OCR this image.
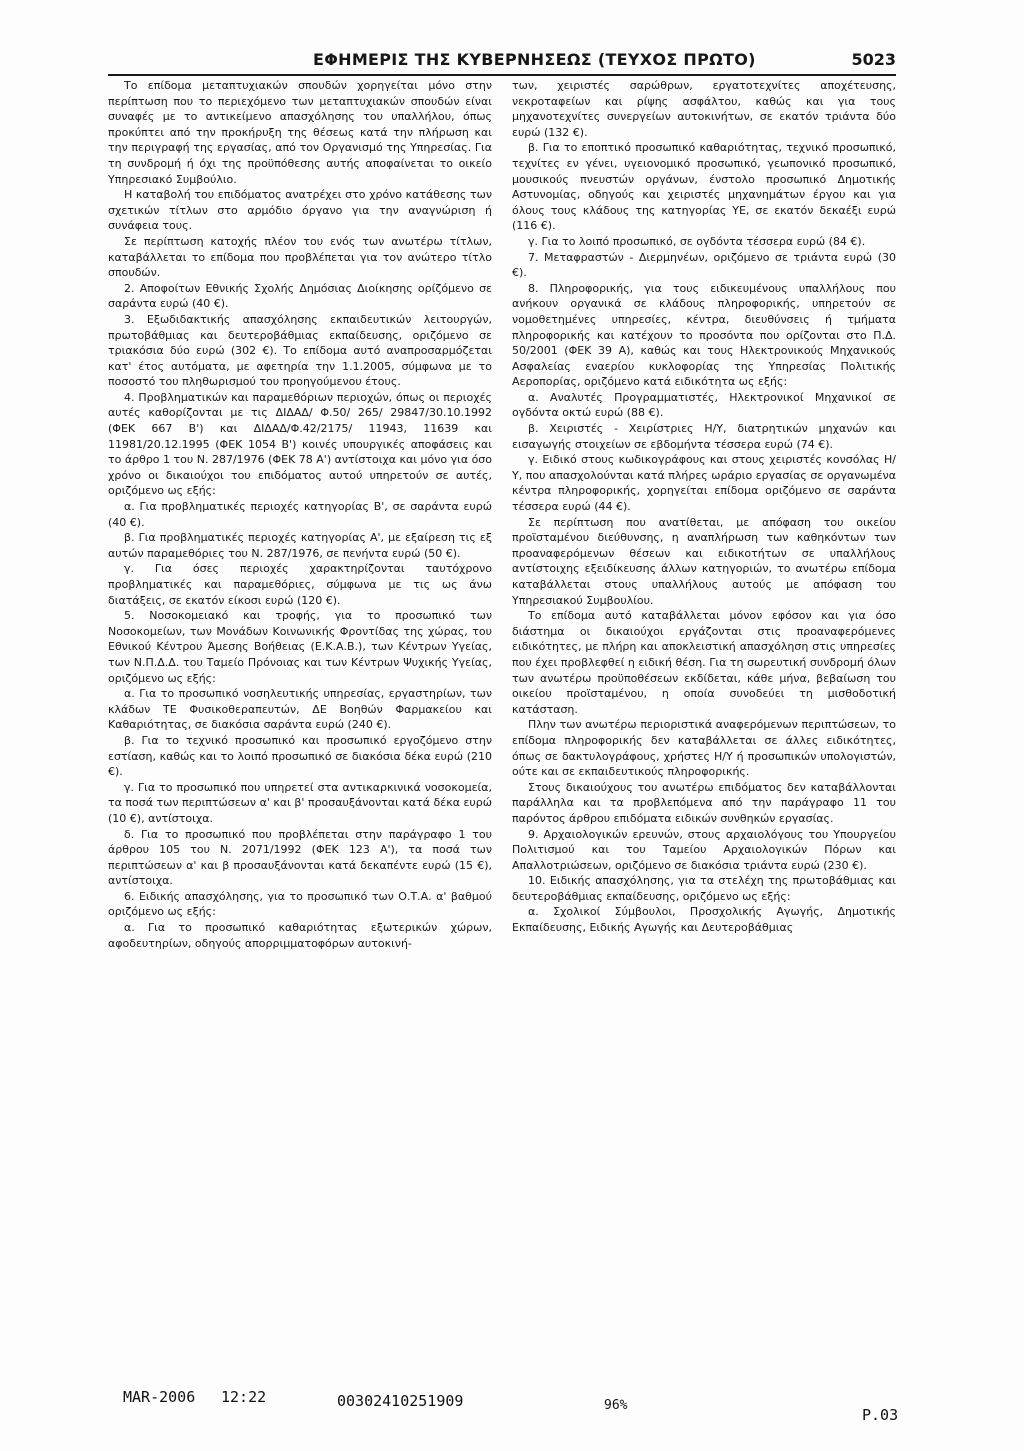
ΕΦΗΜΕΡΙΣ ΤΗΣ ΚΥΒΕΡΝΗΣΕΩΣ (ΤΕΥΧΟΣ ΠΡΩΤΟ)	5023

Το επίδομα μεταπτυχιακών σπουδών χορηγείται μόνο στην περίπτωση που το περιεχόμενο των μεταπτυχιακών σπουδών είναι συναφές με το αντικείμενο απασχόλησης του υπαλλήλου, όπως προκύπτει από την προκήρυξη της θέσεως κατά την πλήρωση και την περιγραφή της εργασίας, από τον Οργανισμό της Υπηρεσίας. Για τη συνδρομή ή όχι της προϋπόθεσης αυτής αποφαίνεται το οικείο Υπηρεσιακό Συμβούλιο.

Η καταβολή του επιδόματος ανατρέχει στο χρόνο κατάθεσης των σχετικών τίτλων στο αρμόδιο όργανο για την αναγνώριση ή συνάφεια τους.

Σε περίπτωση κατοχής πλέον του ενός των ανωτέρω τίτλων, καταβάλλεται το επίδομα που προβλέπεται για τον ανώτερο τίτλο σπουδών.

2. Αποφοίτων Εθνικής Σχολής Δημόσιας Διοίκησης ορίζόμενο σε σαράντα ευρώ (40 €).

3. Εξωδιδακτικής απασχόλησης εκπαιδευτικών λειτουργών, πρωτοβάθμιας και δευτεροβάθμιας εκπαίδευσης, οριζόμενο σε τριακόσια δύο ευρώ (302 €). Το επίδομα αυτό αναπροσαρμόζεται κατ' έτος αυτόματα, με αφετηρία την 1.1.2005, σύμφωνα με το ποσοστό του πληθωρισμού του προηγούμενου έτους.

4. Προβληματικών και παραμεθόριων περιοχών, όπως οι περιοχές αυτές καθορίζονται με τις ΔΙΔΑΔ/ Φ.50/ 265/ 29847/30.10.1992 (ΦΕΚ 667 Β') και ΔΙΔΑΔ/Φ.42/2175/ 11943, 11639 και 11981/20.12.1995 (ΦΕΚ 1054 Β') κοινές υπουργικές αποφάσεις και το άρθρο 1 του Ν. 287/1976 (ΦΕΚ 78 Α') αντίστοιχα και μόνο για όσο χρόνο οι δικαιούχοι του επιδόματος αυτού υπηρετούν σε αυτές, οριζόμενο ως εξής:

α. Για προβληματικές περιοχές κατηγορίας Β', σε σαράντα ευρώ (40 €).

β. Για προβληματικές περιοχές κατηγορίας Α', με εξαίρεση τις εξ αυτών παραμεθόριες του Ν. 287/1976, σε πενήντα ευρώ (50 €).

γ. Για όσες περιοχές χαρακτηρίζονται ταυτόχρονο προβληματικές και παραμεθόριες, σύμφωνα με τις ως άνω διατάξεις, σε εκατόν είκοσι ευρώ (120 €).

5. Νοσοκομειακό και τροφής, για το προσωπικό των Νοσοκομείων, των Μονάδων Κοινωνικής Φροντίδας της χώρας, του Εθνικού Κέντρου Άμεσης Βοήθειας (Ε.Κ.Α.Β.), των Κέντρων Υγείας, των Ν.Π.Δ.Δ. του Ταμείο Πρόνοιας και των Κέντρων Ψυχικής Υγείας, οριζόμενο ως εξής:

α. Για το προσωπικό νοσηλευτικής υπηρεσίας, εργαστηρίων, των κλάδων ΤΕ Φυσικοθεραπευτών, ΔΕ Βοηθών Φαρμακείου και Καθαριότητας, σε διακόσια σαράντα ευρώ (240 €).

β. Για το τεχνικό προσωπικό και προσωπικό εργοζόμενο στην εστίαση, καθώς και το λοιπό προσωπικό σε διακόσια δέκα ευρώ (210 €).

γ. Για το προσωπικό που υπηρετεί στα αντικαρκινικά νοσοκομεία, τα ποσά των περιπτώσεων α' και β' προσαυξάνονται κατά δέκα ευρώ (10 €), αντίστοιχα.

δ. Για το προσωπικό που προβλέπεται στην παράγραφο 1 του άρθρου 105 του Ν. 2071/1992 (ΦΕΚ 123 Α'), τα ποσά των περιπτώσεων α' και β προσαυξάνονται κατά δεκαπέντε ευρώ (15 €), αντίστοιχα.

6. Ειδικής απασχόλησης, για το προσωπικό των Ο.Τ.Α. α' βαθμού οριζόμενο ως εξής:

α. Για το προσωπικό καθαριότητας εξωτερικών χώρων, αφοδευτηρίων, οδηγούς απορριμματοφόρων αυτοκινή-

των, χειριστές σαρώθρων, εργατοτεχνίτες αποχέτευσης, νεκροταφείων και ρίψης ασφάλτου, καθώς και για τους μηχανοτεχνίτες συνεργείων αυτοκινήτων, σε εκατόν τριάντα δύο ευρώ (132 €).

β. Για το εποπτικό προσωπικό καθαριότητας, τεχνικό προσωπικό, τεχνίτες εν γένει, υγειονομικό προσωπικό, γεωπονικό προσωπικό, μουσικούς πνευστών οργάνων, ένστολο προσωπικό Δημοτικής Αστυνομίας, οδηγούς και χειριστές μηχανημάτων έργου και για όλους τους κλάδους της κατηγορίας ΥΕ, σε εκατόν δεκαέξι ευρώ (116 €).

γ. Για το λοιπό προσωπικό, σε ογδόντα τέσσερα ευρώ (84 €).

7. Μεταφραστών - Διερμηνέων, οριζόμενο σε τριάντα ευρώ (30 €).

8. Πληροφορικής, για τους ειδικευμένους υπαλλήλους που ανήκουν οργανικά σε κλάδους πληροφορικής, υπηρετούν σε νομοθετημένες υπηρεσίες, κέντρα, διευθύνσεις ή τμήματα πληροφορικής και κατέχουν το προσόντα που ορίζονται στο Π.Δ. 50/2001 (ΦΕΚ 39 Α), καθώς και τους Ηλεκτρονικούς Μηχανικούς Ασφαλείας εναερίου κυκλοφορίας της Υπηρεσίας Πολιτικής Αεροπορίας, οριζόμενο κατά ειδικότητα ως εξής:

α. Αναλυτές Προγραμματιστές, Ηλεκτρονικοί Μηχανικοί σε ογδόντα οκτώ ευρώ (88 €).

β. Χειριστές - Χειρίστριες Η/Υ, διατρητικών μηχανών και εισαγωγής στοιχείων σε εβδομήντα τέσσερα ευρώ (74 €).

γ. Ειδικό στους κωδικογράφους και στους χειριστές κονσόλας Η/Υ, που απασχολούνται κατά πλήρες ωράριο εργασίας σε οργανωμένα κέντρα πληροφορικής, χορηγείται επίδομα οριζόμενο σε σαράντα τέσσερα ευρώ (44 €).

Σε περίπτωση που ανατίθεται, με απόφαση του οικείου προϊσταμένου διεύθυνσης, η αναπλήρωση των καθηκόντων των προαναφερόμενων θέσεων και ειδικοτήτων σε υπαλλήλους αντίστοιχης εξειδίκευσης άλλων κατηγοριών, το ανωτέρω επίδομα καταβάλλεται στους υπαλλήλους αυτούς με απόφαση του Υπηρεσιακού Συμβουλίου.

Το επίδομα αυτό καταβάλλεται μόνον εφόσον και για όσο διάστημα οι δικαιούχοι εργάζονται στις προαναφερόμενες ειδικότητες, με πλήρη και αποκλειστική απασχόληση στις υπηρεσίες που έχει προβλεφθεί η ειδική θέση. Για τη σωρευτική συνδρομή όλων των ανωτέρω προϋποθέσεων εκδίδεται, κάθε μήνα, βεβαίωση του οικείου προϊσταμένου, η οποία συνοδεύει τη μισθοδοτική κατάσταση.

Πλην των ανωτέρω περιοριστικά αναφερόμενων περιπτώσεων, το επίδομα πληροφορικής δεν καταβάλλεται σε άλλες ειδικότητες, όπως σε δακτυλογράφους, χρήστες Η/Υ ή προσωπικών υπολογιστών, ούτε και σε εκπαιδευτικούς πληροφορικής.

Στους δικαιούχους του ανωτέρω επιδόματος δεν καταβάλλονται παράλληλα και τα προβλεπόμενα από την παράγραφο 11 του παρόντος άρθρου επιδόματα ειδικών συνθηκών εργασίας.

9. Αρχαιολογικών ερευνών, στους αρχαιολόγους του Υπουργείου Πολιτισμού και του Ταμείου Αρχαιολογικών Πόρων και Απαλλοτριώσεων, οριζόμενο σε διακόσια τριάντα ευρώ (230 €).

10. Ειδικής απασχόλησης, για τα στελέχη της πρωτοβάθμιας και δευτεροβάθμιας εκπαίδευσης, οριζόμενο ως εξής:

α. Σχολικοί Σύμβουλοι, Προσχολικής Αγωγής, Δημοτικής Εκπαίδευσης, Ειδικής Αγωγής και Δευτεροβάθμιας

MAR-2006 12:22	00302410251909	96%
P.03
